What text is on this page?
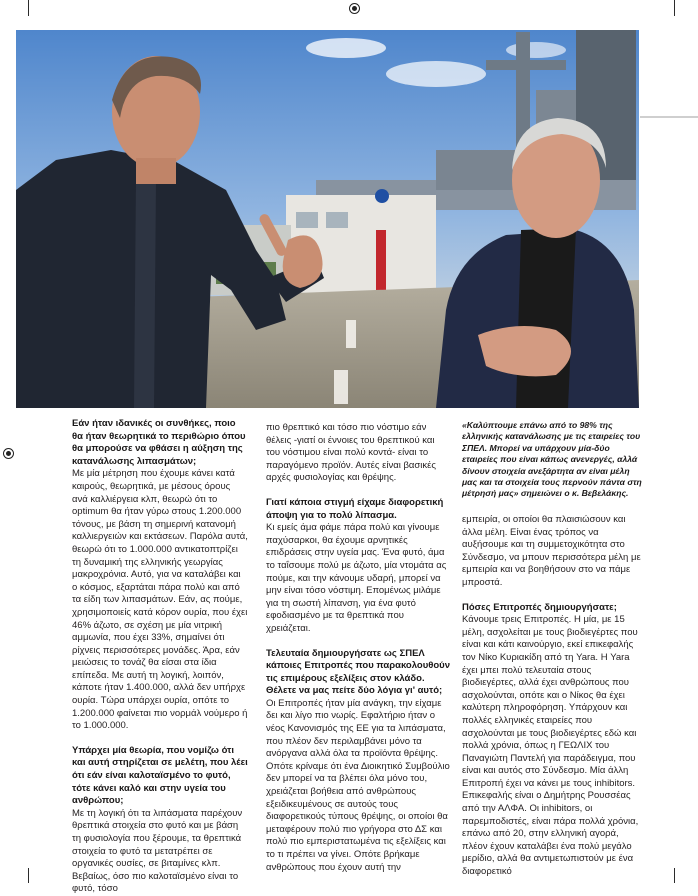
Εάν ήταν ιδανικές οι συνθήκες, ποιο θα ήταν θεωρητικά το περιθώριο όπου θα μπορούσε να φθάσει η αύξηση της κατανάλωσης λιπασμάτων;

Με μία μέτρηση που έχουμε κάνει κατά καιρούς, θεωρητικά, με μέσους όρους ανά καλλιέργεια κλπ, θεωρώ ότι το optimum θα ήταν γύρω στους 1.200.000 τόνους, με βάση τη σημερινή κατανομή καλλιεργειών και εκτάσεων. Παρόλα αυτά, θεωρώ ότι το 1.000.000 αντικατοπτρίζει τη δυναμική της ελληνικής γεωργίας μακροχρόνια. Αυτό, για να καταλάβει και ο κόσμος, εξαρτάται πάρα πολύ και από τα είδη των λιπασμάτων. Εάν, ας πούμε, χρησιμοποιείς κατά κόρον ουρία, που έχει 46% άζωτο, σε σχέση με μία νιτρική αμμωνία, που έχει 33%, σημαίνει ότι ρίχνεις περισσότερες μονάδες. Άρα, εάν μειώσεις το τονάζ θα είσαι στα ίδια επίπεδα. Με αυτή τη λογική, λοιπόν, κάποτε ήταν 1.400.000, αλλά δεν υπήρχε ουρία. Τώρα υπάρχει ουρία, οπότε το 1.200.000 φαίνεται πιο νορμάλ νούμερο ή το 1.000.000.

Υπάρχει μία θεωρία, που νομίζω ότι και αυτή στηρίζεται σε μελέτη, που λέει ότι εάν είναι καλοταϊσμένο το φυτό, τότε κάνει καλό και στην υγεία του ανθρώπου;

Με τη λογική ότι τα λιπάσματα παρέχουν θρεπτικά στοιχεία στο φυτό και με βάση τη φυσιολογία που ξέρουμε, τα θρεπτικά στοιχεία το φυτό τα μετατρέπει σε οργανικές ουσίες, σε βιταμίνες κλπ. Βεβαίως, όσο πιο καλοταϊσμένο είναι το φυτό, τόσο

πιο θρεπτικό και τόσο πιο νόστιμο εάν θέλεις -γιατί οι έννοιες του θρεπτικού και του νόστιμου είναι πολύ κοντά- είναι το παραγόμενο προϊόν. Αυτές είναι βασικές αρχές φυσιολογίας και θρέψης.

Γιατί κάποια στιγμή είχαμε διαφορετική άποψη για το πολύ λίπασμα.

Κι εμείς άμα φάμε πάρα πολύ και γίνουμε παχύσαρκοι, θα έχουμε αρνητικές επιδράσεις στην υγεία μας. Ένα φυτό, άμα το ταΐσουμε πολύ με άζωτο, μία ντομάτα ας πούμε, και την κάνουμε υδαρή, μπορεί να μην είναι τόσο νόστιμη. Επομένως μιλάμε για τη σωστή λίπανση, για ένα φυτό εφοδιασμένο με τα θρεπτικά που χρειάζεται.

Τελευταία δημιουργήσατε ως ΣΠΕΛ κάποιες Επιτροπές που παρακολουθούν τις επιμέρους εξελίξεις στον κλάδο. Θέλετε να μας πείτε δύο λόγια γι' αυτό;

Οι Επιτροπές ήταν μία ανάγκη, την είχαμε δει και λίγο πιο νωρίς. Εφαλτήριο ήταν ο νέος Κανονισμός της ΕΕ για τα λιπάσματα, που πλέον δεν περιλαμβάνει μόνο τα ανόργανα αλλά όλα τα προϊόντα θρέψης. Οπότε κρίναμε ότι ένα Διοικητικό Συμβούλιο δεν μπορεί να τα βλέπει όλα μόνο του, χρειάζεται βοήθεια από ανθρώπους εξειδικευμένους σε αυτούς τους διαφορετικούς τύπους θρέψης, οι οποίοι θα μεταφέρουν πολύ πιο γρήγορα στο ΔΣ και πολύ πιο εμπεριστατωμένα τις εξελίξεις και το τι πρέπει να γίνει. Οπότε βρήκαμε ανθρώπους που έχουν αυτή την

«Καλύπτουμε επάνω από το 98% της ελληνικής κατανάλωσης με τις εταιρείες του ΣΠΕΛ. Μπορεί να υπάρχουν μία-δύο εταιρείες που είναι κάπως ανενεργές, αλλά δίνουν στοιχεία ανεξάρτητα αν είναι μέλη μας και τα στοιχεία τους περνούν πάντα στη μέτρησή μας» σημειώνει ο κ. Βεβελάκης.

εμπειρία, οι οποίοι θα πλαισιώσουν και άλλα μέλη. Είναι ένας τρόπος να αυξήσουμε και τη συμμετοχικότητα στο Σύνδεσμο, να μπουν περισσότερα μέλη με εμπειρία και να βοηθήσουν στο να πάμε μπροστά.

Πόσες Επιτροπές δημιουργήσατε;

Κάνουμε τρεις Επιτροπές. Η μία, με 15 μέλη, ασχολείται με τους βιοδιεγέρτες που είναι και κάτι καινούργιο, εκεί επικεφαλής τον Νίκο Κυριακίδη από τη Yara. Η Yara έχει μπει πολύ τελευταία στους βιοδιεγέρτες, αλλά έχει ανθρώπους που ασχολούνται, οπότε και ο Νίκος θα έχει καλύτερη πληροφόρηση. Υπάρχουν και πολλές ελληνικές εταιρείες που ασχολούνται με τους βιοδιεγέρτες εδώ και πολλά χρόνια, όπως η ΓΕΩΛΙΧ του Παναγιώτη Παντελή για παράδειγμα, που είναι και αυτός στο Σύνδεσμο. Μία άλλη Επιτροπή έχει να κάνει με τους inhibitors. Επικεφαλής είναι ο Δημήτρης Ρουσσέας από την ΑΛΦΑ. Οι inhibitors, οι παρεμποδιστές, είναι πάρα πολλά χρόνια, επάνω από 20, στην ελληνική αγορά, πλέον έχουν καταλάβει ένα πολύ μεγάλο μερίδιο, αλλά θα αντιμετωπιστούν με ένα διαφορετικό
